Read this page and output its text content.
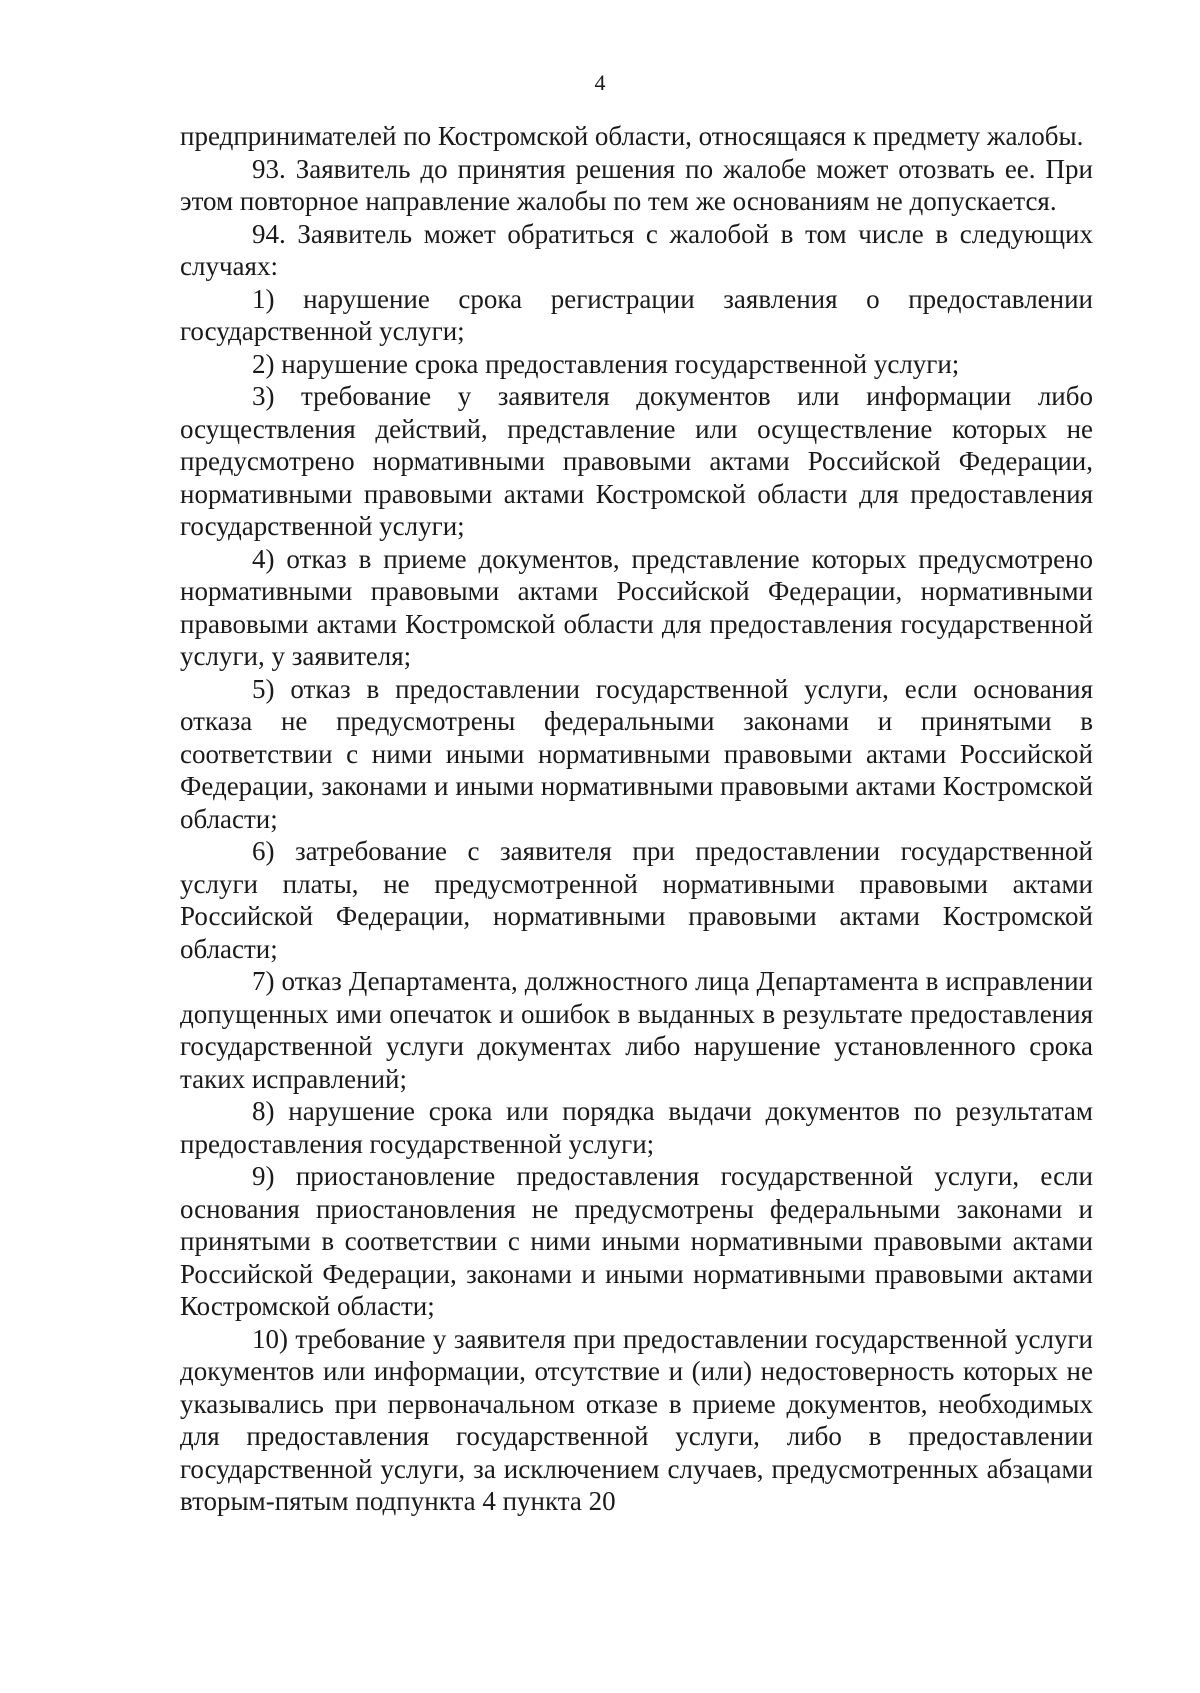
4

предпринимателей по Костромской области, относящаяся к предмету жалобы.

93. Заявитель до принятия решения по жалобе может отозвать ее. При этом повторное направление жалобы по тем же основаниям не допускается.

94. Заявитель может обратиться с жалобой в том числе в следующих случаях:

1) нарушение срока регистрации заявления о предоставлении государственной услуги;

2) нарушение срока предоставления государственной услуги;

3) требование у заявителя документов или информации либо осуществления действий, представление или осуществление которых не предусмотрено нормативными правовыми актами Российской Федерации, нормативными правовыми актами Костромской области для предоставления государственной услуги;

4) отказ в приеме документов, представление которых предусмотрено нормативными правовыми актами Российской Федерации, нормативными правовыми актами Костромской области для предоставления государственной услуги, у заявителя;

5) отказ в предоставлении государственной услуги, если основания отказа не предусмотрены федеральными законами и принятыми в соответствии с ними иными нормативными правовыми актами Российской Федерации, законами и иными нормативными правовыми актами Костромской области;

6) затребование с заявителя при предоставлении государственной услуги платы, не предусмотренной нормативными правовыми актами Российской Федерации, нормативными правовыми актами Костромской области;

7) отказ Департамента, должностного лица Департамента в исправлении допущенных ими опечаток и ошибок в выданных в результате предоставления государственной услуги документах либо нарушение установленного срока таких исправлений;

8) нарушение срока или порядка выдачи документов по результатам предоставления государственной услуги;

9) приостановление предоставления государственной услуги, если основания приостановления не предусмотрены федеральными законами и принятыми в соответствии с ними иными нормативными правовыми актами Российской Федерации, законами и иными нормативными правовыми актами Костромской области;

10) требование у заявителя при предоставлении государственной услуги документов или информации, отсутствие и (или) недостоверность которых не указывались при первоначальном отказе в приеме документов, необходимых для предоставления государственной услуги, либо в предоставлении государственной услуги, за исключением случаев, предусмотренных абзацами вторым-пятым подпункта 4 пункта 20
